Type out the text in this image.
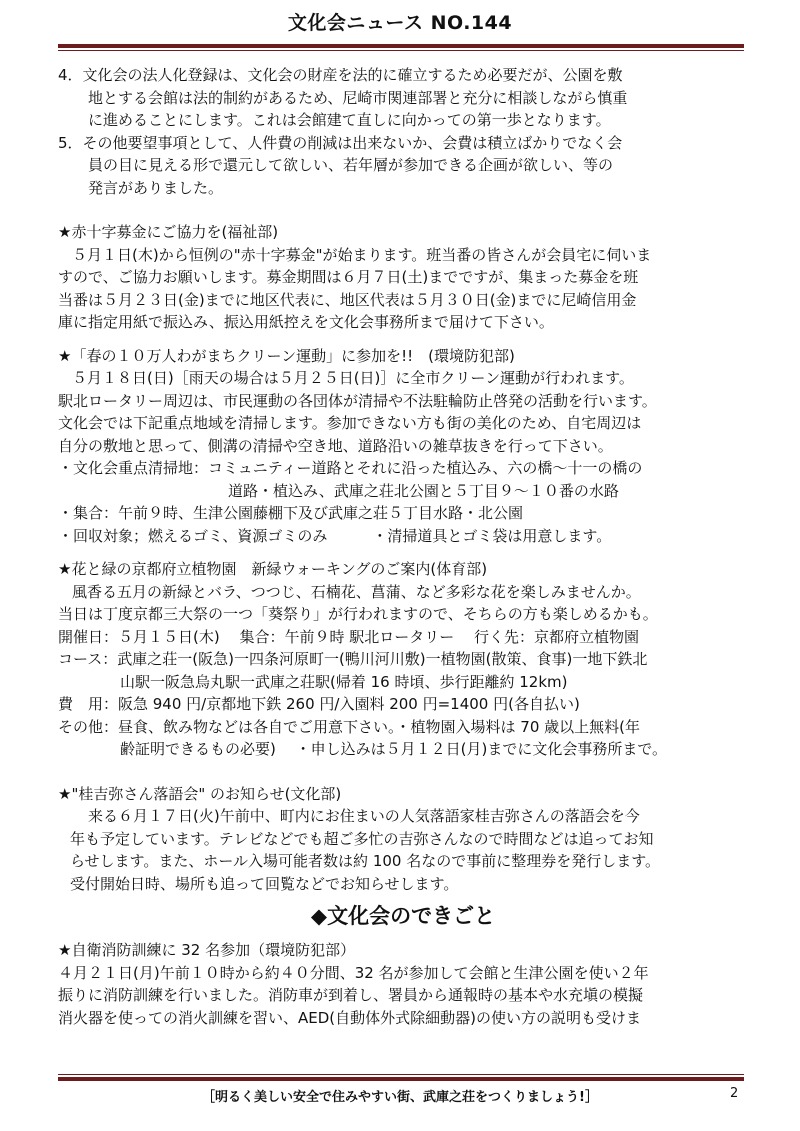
文化会ニュース NO.144
4．文化会の法人化登録は、文化会の財産を法的に確立するため必要だが、公園を敷
地とする会館は法的制約があるため、尼崎市関連部署と充分に相談しながら慎重
に進めることにします。これは会館建て直しに向かっての第一歩となります。
5．その他要望事項として、人件費の削減は出来ないか、会費は積立ばかりでなく会
員の目に見える形で還元して欲しい、若年層が参加できる企画が欲しい、等の
発言がありました。
★赤十字募金にご協力を(福祉部)
５月１日(木)から恒例の"赤十字募金"が始まります。班当番の皆さんが会員宅に伺いま
すので、ご協力お願いします。募金期間は６月７日(土)までですが、集まった募金を班
当番は５月２３日(金)までに地区代表に、地区代表は５月３０日(金)までに尼崎信用金
庫に指定用紙で振込み、振込用紙控えを文化会事務所まで届けて下さい。
★「春の１０万人わがまちクリーン運動」に参加を!!　(環境防犯部)
５月１８日(日)［雨天の場合は５月２５日(日)］に全市クリーン運動が行われます。
駅北ロータリー周辺は、市民運動の各団体が清掃や不法駐輪防止啓発の活動を行います。
文化会では下記重点地域を清掃します。参加できない方も街の美化のため、自宅周辺は
自分の敷地と思って、側溝の清掃や空き地、道路沿いの雑草抜きを行って下さい。
・文化会重点清掃地：コミュニティー道路とそれに沿った植込み、六の橋～十一の橋の
道路・植込み、武庫之荘北公園と５丁目９～１０番の水路
・集合：午前９時、生津公園藤棚下及び武庫之荘５丁目水路・北公園
・回収対象；燃えるゴミ、資源ゴミのみ　　　・清掃道具とゴミ袋は用意します。
★花と緑の京都府立植物園　新緑ウォーキングのご案内(体育部)
風香る五月の新緑とバラ、つつじ、石楠花、菖蒲、など多彩な花を楽しみませんか。
当日は丁度京都三大祭の一つ「葵祭り」が行われますので、そちらの方も楽しめるかも。
開催日：５月１５日(木)　 集合：午前９時 駅北ロータリー　 行く先：京都府立植物園
コース：武庫之荘一(阪急)一四条河原町一(鴨川河川敷)一植物園(散策、食事)一地下鉄北
山駅一阪急烏丸駅一武庫之荘駅(帰着 16 時頃、歩行距離約 12km)
費　用：阪急 940 円/京都地下鉄 260 円/入園料 200 円=1400 円(各自払い)
その他：昼食、飲み物などは各自でご用意下さい。・植物園入場料は 70 歳以上無料(年
齢証明できるもの必要)　 ・申し込みは５月１２日(月)までに文化会事務所まで。
★"桂吉弥さん落語会" のお知らせ(文化部)
来る６月１７日(火)午前中、町内にお住まいの人気落語家桂吉弥さんの落語会を今
年も予定しています。テレビなどでも超ご多忙の吉弥さんなので時間などは追ってお知
らせします。また、ホール入場可能者数は約 100 名なので事前に整理券を発行します。
受付開始日時、場所も追って回覧などでお知らせします。
◆文化会のできごと
★自衛消防訓練に 32 名参加（環境防犯部）
４月２１日(月)午前１０時から約４０分間、32 名が参加して会館と生津公園を使い２年
振りに消防訓練を行いました。消防車が到着し、署員から通報時の基本や水充塡の模擬
消火器を使っての消火訓練を習い、AED(自動体外式除細動器)の使い方の説明も受けま
［明るく美しい安全で住みやすい街、武庫之荘をつくりましょう!］	2
